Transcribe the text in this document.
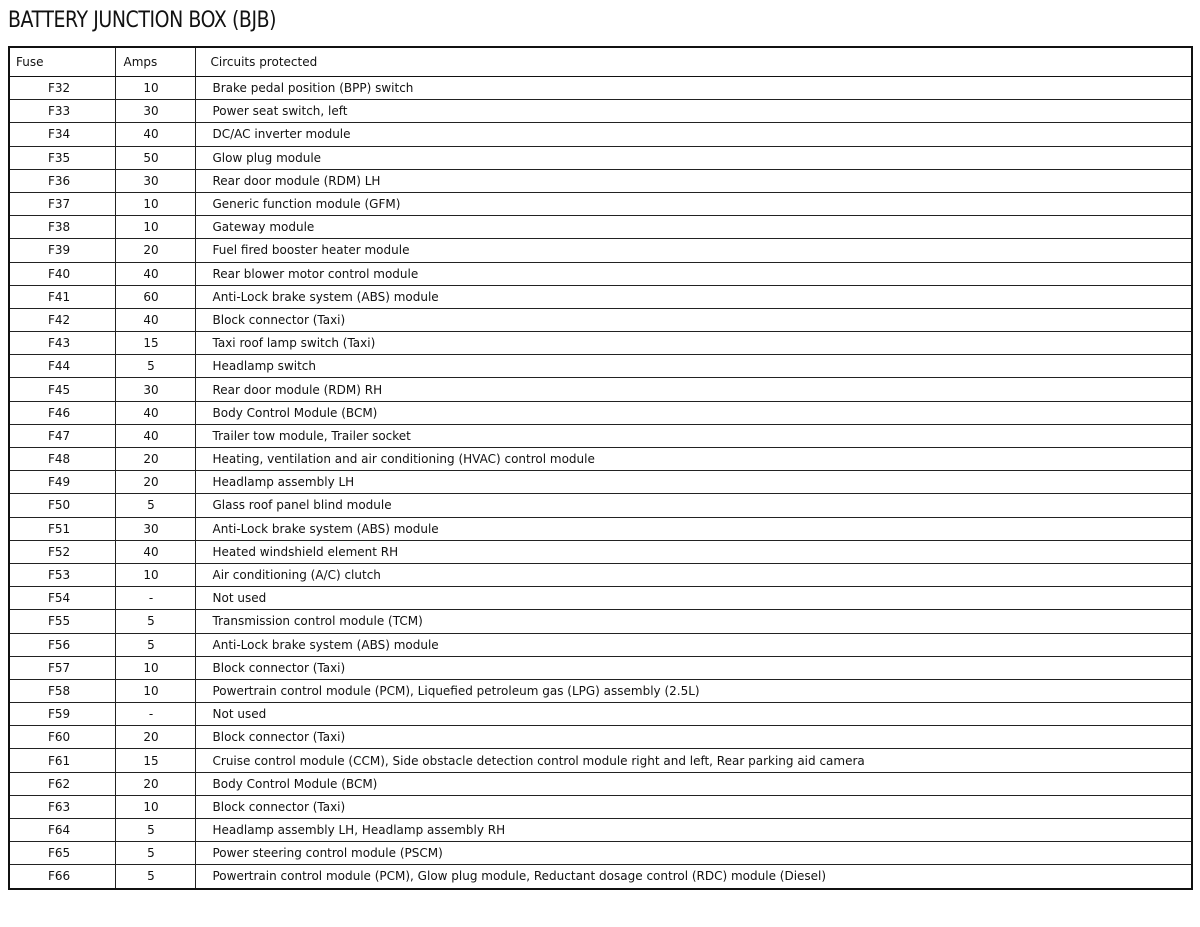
BATTERY JUNCTION BOX (BJB)
Fuse	Amps	Circuits protected
F32	10	Brake pedal position (BPP) switch
F33	30	Power seat switch, left
F34	40	DC/AC inverter module
F35	50	Glow plug module
F36	30	Rear door module (RDM) LH
F37	10	Generic function module (GFM)
F38	10	Gateway module
F39	20	Fuel fired booster heater module
F40	40	Rear blower motor control module
F41	60	Anti-Lock brake system (ABS) module
F42	40	Block connector (Taxi)
F43	15	Taxi roof lamp switch (Taxi)
F44	5	Headlamp switch
F45	30	Rear door module (RDM) RH
F46	40	Body Control Module (BCM)
F47	40	Trailer tow module, Trailer socket
F48	20	Heating, ventilation and air conditioning (HVAC) control module
F49	20	Headlamp assembly LH
F50	5	Glass roof panel blind module
F51	30	Anti-Lock brake system (ABS) module
F52	40	Heated windshield element RH
F53	10	Air conditioning (A/C) clutch
F54	-	Not used
F55	5	Transmission control module (TCM)
F56	5	Anti-Lock brake system (ABS) module
F57	10	Block connector (Taxi)
F58	10	Powertrain control module (PCM), Liquefied petroleum gas (LPG) assembly (2.5L)
F59	-	Not used
F60	20	Block connector (Taxi)
F61	15	Cruise control module (CCM), Side obstacle detection control module right and left, Rear parking aid camera
F62	20	Body Control Module (BCM)
F63	10	Block connector (Taxi)
F64	5	Headlamp assembly LH, Headlamp assembly RH
F65	5	Power steering control module (PSCM)
F66	5	Powertrain control module (PCM), Glow plug module, Reductant dosage control (RDC) module (Diesel)
